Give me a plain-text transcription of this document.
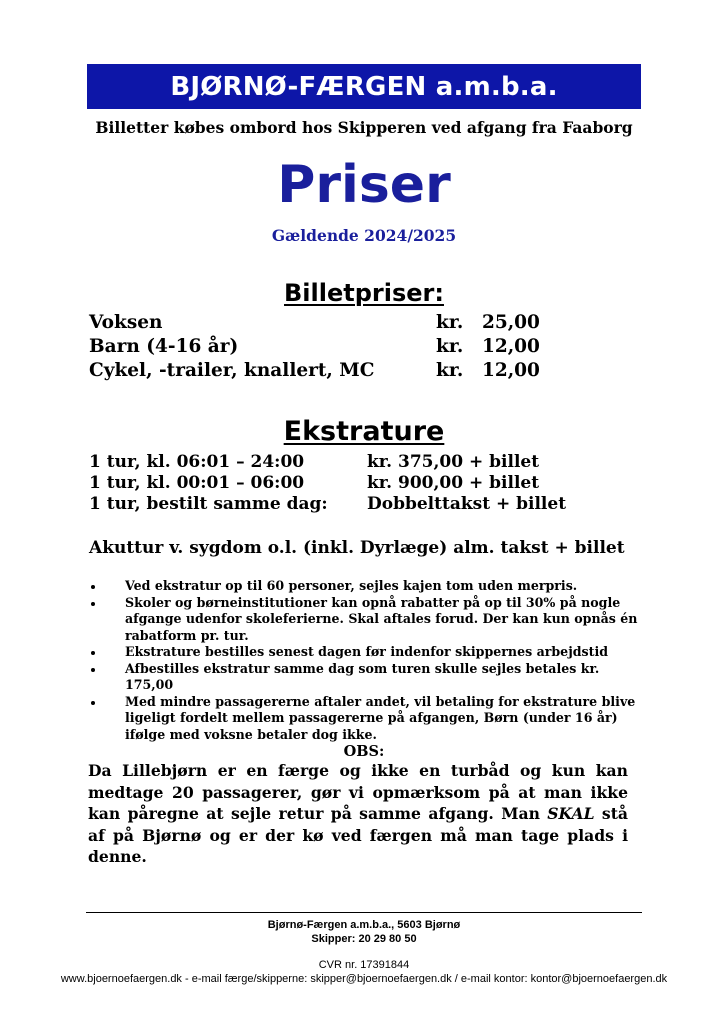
BJØRNØ-FÆRGEN a.m.b.a.
Billetter købes ombord hos Skipperen ved afgang fra Faaborg
Priser
Gældende 2024/2025
Billetpriser:
Voksen	kr. 25,00
Barn (4-16 år)	kr. 12,00
Cykel, -trailer, knallert, MC	kr. 12,00
Ekstrature
1 tur, kl. 06:01 – 24:00	kr. 375,00 + billet
1 tur, kl. 00:01 – 06:00	kr. 900,00 + billet
1 tur, bestilt samme dag: Dobbelttakst + billet
Akuttur v. sygdom o.l. (inkl. Dyrlæge) alm. takst + billet
Ved ekstratur op til 60 personer, sejles kajen tom uden merpris.
Skoler og børneinstitutioner kan opnå rabatter på op til 30% på nogle afgange udenfor skoleferierne. Skal aftales forud. Der kan kun opnås én rabatform pr. tur.
Ekstrature bestilles senest dagen før indenfor skippernes arbejdstid
Afbestilles ekstratur samme dag som turen skulle sejles betales kr. 175,00
Med mindre passagererne aftaler andet, vil betaling for ekstrature blive ligeligt fordelt mellem passagererne på afgangen, Børn (under 16 år) ifølge med voksne betaler dog ikke.
OBS:
Da Lillebjørn er en færge og ikke en turbåd og kun kan medtage 20 passagerer, gør vi opmærksom på at man ikke kan påregne at sejle retur på samme afgang. Man SKAL stå af på Bjørnø og er der kø ved færgen må man tage plads i denne.
Bjørnø-Færgen a.m.b.a., 5603 Bjørnø
Skipper: 20 29 80 50
CVR nr. 17391844
www.bjoernoefaergen.dk - e-mail færge/skipperne: skipper@bjoernoefaergen.dk / e-mail kontor: kontor@bjoernoefaergen.dk
